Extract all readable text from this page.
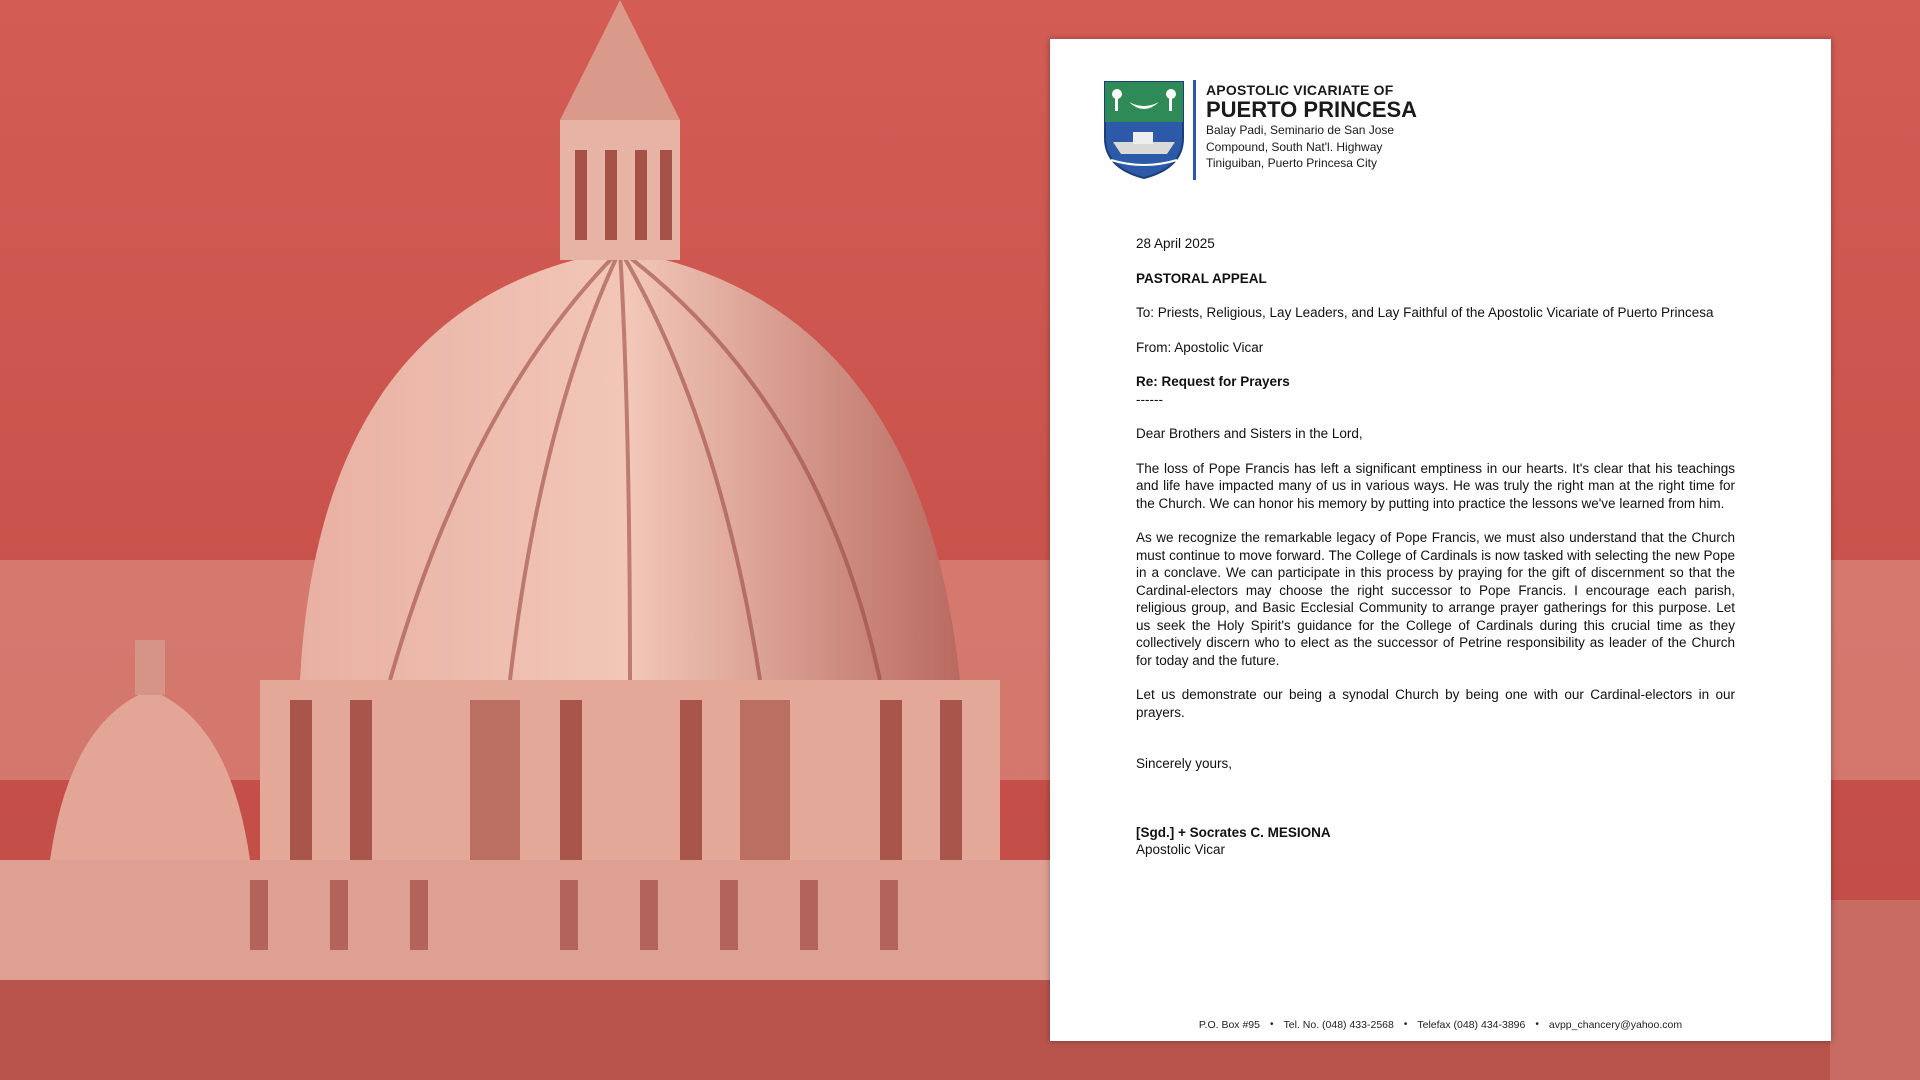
APOSTOLIC VICARIATE OF
PUERTO PRINCESA
Balay Padi, Seminario de San Jose
Compound, South Nat'l. Highway
Tiniguiban, Puerto Princesa City

28 April 2025

PASTORAL APPEAL

To: Priests, Religious, Lay Leaders, and Lay Faithful of the Apostolic Vicariate of Puerto Princesa

From: Apostolic Vicar

Re: Request for Prayers

------

Dear Brothers and Sisters in the Lord,

The loss of Pope Francis has left a significant emptiness in our hearts. It's clear that his teachings and life have impacted many of us in various ways. He was truly the right man at the right time for the Church. We can honor his memory by putting into practice the lessons we've learned from him.

As we recognize the remarkable legacy of Pope Francis, we must also understand that the Church must continue to move forward. The College of Cardinals is now tasked with selecting the new Pope in a conclave. We can participate in this process by praying for the gift of discernment so that the Cardinal-electors may choose the right successor to Pope Francis. I encourage each parish, religious group, and Basic Ecclesial Community to arrange prayer gatherings for this purpose. Let us seek the Holy Spirit's guidance for the College of Cardinals during this crucial time as they collectively discern who to elect as the successor of Petrine responsibility as leader of the Church for today and the future.

Let us demonstrate our being a synodal Church by being one with our Cardinal-electors in our prayers.

Sincerely yours,

[Sgd.] + Socrates C. MESIONA

Apostolic Vicar

P.O. Box #95 • Tel. No. (048) 433-2568 • Telefax (048) 434-3896 • avpp_chancery@yahoo.com
